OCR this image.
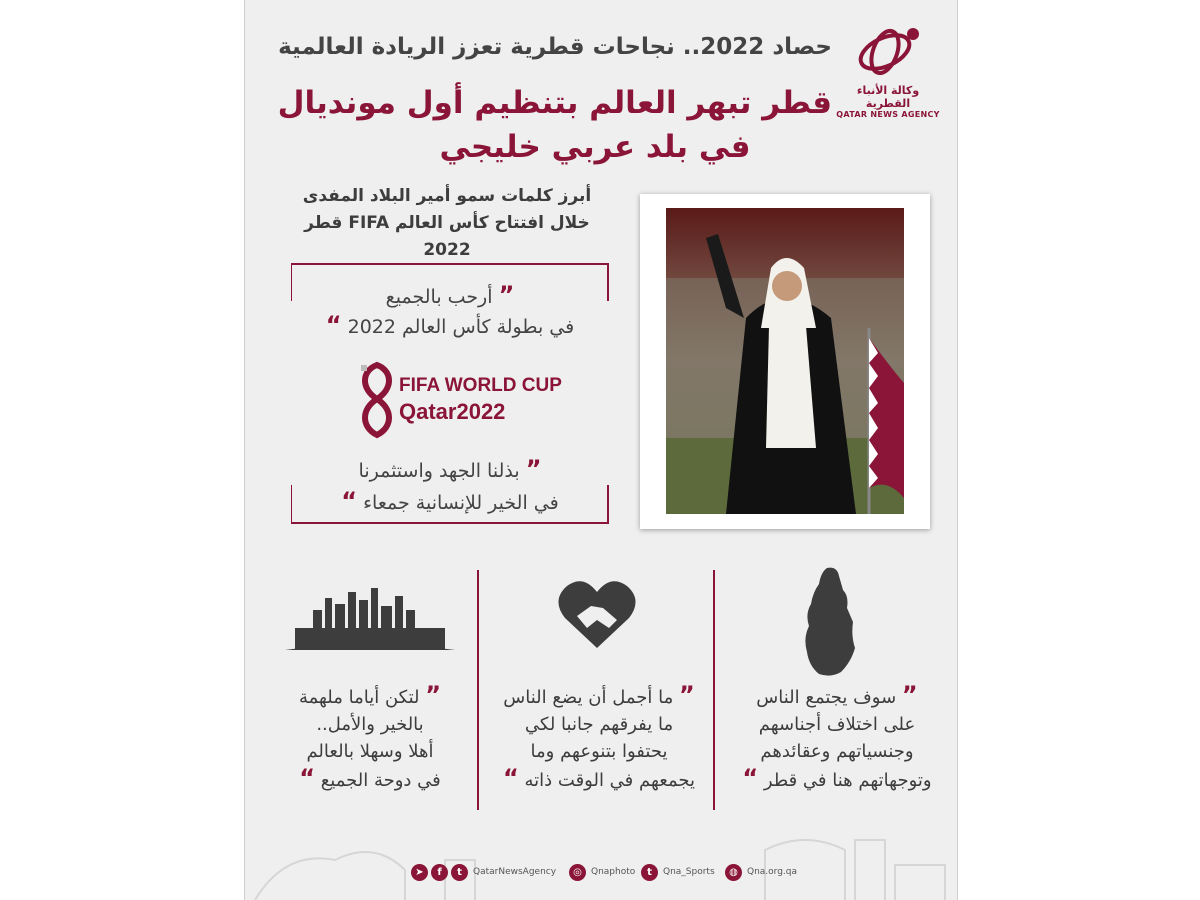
وكالة الأنباء القطرية
QATAR NEWS AGENCY
حصاد 2022.. نجاحات قطرية تعزز الريادة العالمية
قطر تبهر العالم بتنظيم أول مونديال
في بلد عربي خليجي
أبرز كلمات سمو أمير البلاد المفدى
خلال افتتاح كأس العالم FIFA قطر 2022
” أرحب بالجميع
في بطولة كأس العالم 2022 “
FIFA WORLD CUP
Qatar2022
” بذلنا الجهد واستثمرنا
في الخير للإنسانية جمعاء “
” لتكن أياما ملهمة
بالخير والأمل..
أهلا وسهلا بالعالم
في دوحة الجميع “
” ما أجمل أن يضع الناس
ما يفرقهم جانبا لكي
يحتفوا بتنوعهم وما
يجمعهم في الوقت ذاته “
” سوف يجتمع الناس
على اختلاف أجناسهم
وجنسياتهم وعقائدهم
وتوجهاتهم هنا في قطر “
➤	f	t	QatarNewsAgency	◎	Qnaphoto	t	Qna_Sports	◍	Qna.org.qa
